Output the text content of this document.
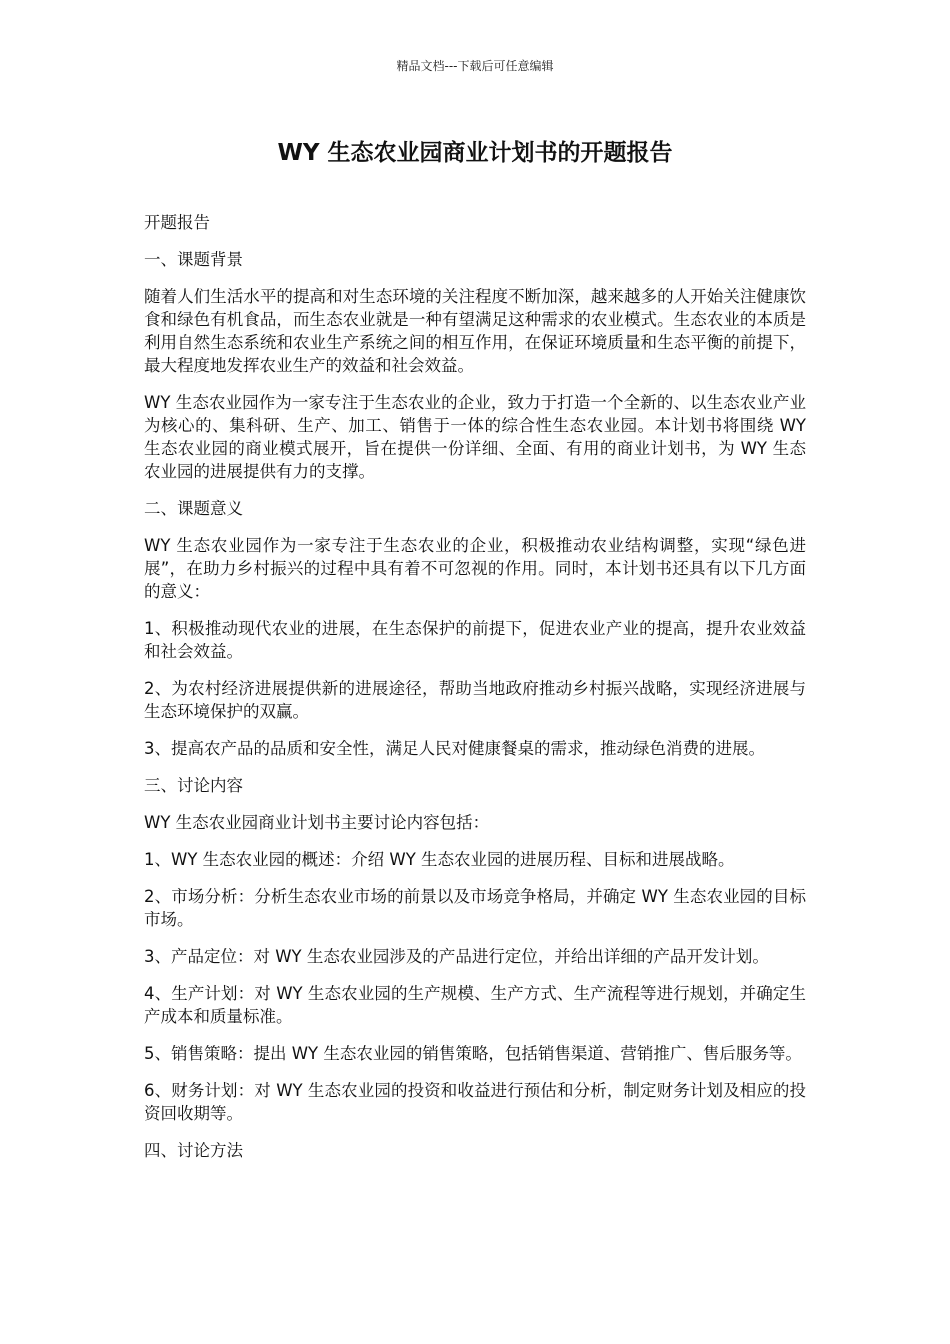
精品文档---下载后可任意编辑
WY 生态农业园商业计划书的开题报告

开题报告

一、课题背景

随着人们生活水平的提高和对生态环境的关注程度不断加深，越来越多的人开始关注健康饮食和绿色有机食品，而生态农业就是一种有望满足这种需求的农业模式。生态农业的本质是利用自然生态系统和农业生产系统之间的相互作用，在保证环境质量和生态平衡的前提下，最大程度地发挥农业生产的效益和社会效益。

WY 生态农业园作为一家专注于生态农业的企业，致力于打造一个全新的、以生态农业产业为核心的、集科研、生产、加工、销售于一体的综合性生态农业园。本计划书将围绕 WY 生态农业园的商业模式展开，旨在提供一份详细、全面、有用的商业计划书，为 WY 生态农业园的进展提供有力的支撑。

二、课题意义

WY 生态农业园作为一家专注于生态农业的企业，积极推动农业结构调整，实现“绿色进展”，在助力乡村振兴的过程中具有着不可忽视的作用。同时，本计划书还具有以下几方面的意义：

1、积极推动现代农业的进展，在生态保护的前提下，促进农业产业的提高，提升农业效益和社会效益。

2、为农村经济进展提供新的进展途径，帮助当地政府推动乡村振兴战略，实现经济进展与生态环境保护的双赢。

3、提高农产品的品质和安全性，满足人民对健康餐桌的需求，推动绿色消费的进展。

三、讨论内容

WY 生态农业园商业计划书主要讨论内容包括：

1、WY 生态农业园的概述：介绍 WY 生态农业园的进展历程、目标和进展战略。

2、市场分析：分析生态农业市场的前景以及市场竞争格局，并确定 WY 生态农业园的目标市场。

3、产品定位：对 WY 生态农业园涉及的产品进行定位，并给出详细的产品开发计划。

4、生产计划：对 WY 生态农业园的生产规模、生产方式、生产流程等进行规划，并确定生产成本和质量标准。

5、销售策略：提出 WY 生态农业园的销售策略，包括销售渠道、营销推广、售后服务等。

6、财务计划：对 WY 生态农业园的投资和收益进行预估和分析，制定财务计划及相应的投资回收期等。

四、讨论方法
